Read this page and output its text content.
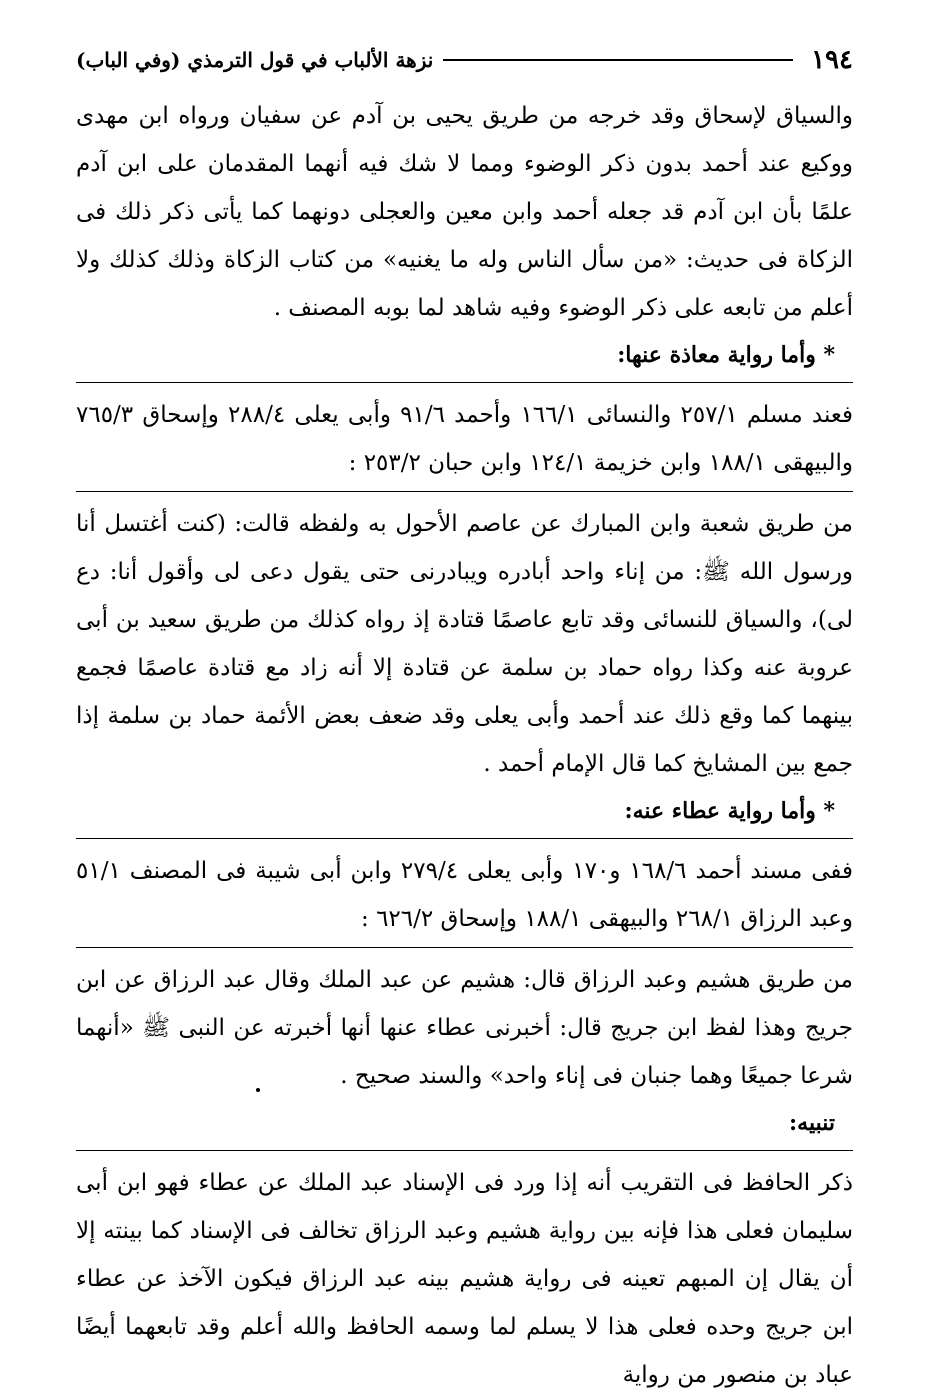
١٩٤
نزهة الألباب في قول الترمذي (وفي الباب)

والسياق لإسحاق وقد خرجه من طريق يحيى بن آدم عن سفيان ورواه ابن مهدى ووكيع عند أحمد بدون ذكر الوضوء ومما لا شك فيه أنهما المقدمان على ابن آدم علمًا بأن ابن آدم قد جعله أحمد وابن معين والعجلى دونهما كما يأتى ذكر ذلك فى الزكاة فى حديث: «من سأل الناس وله ما يغنيه» من كتاب الزكاة وذلك كذلك ولا أعلم من تابعه على ذكر الوضوء وفيه شاهد لما بوبه المصنف .

* وأما رواية معاذة عنها:

فعند مسلم ٢٥٧/١ والنسائى ١٦٦/١ وأحمد ٩١/٦ وأبى يعلى ٢٨٨/٤ وإسحاق ٧٦٥/٣ والبيهقى ١٨٨/١ وابن خزيمة ١٢٤/١ وابن حبان ٢٥٣/٢ :

من طريق شعبة وابن المبارك عن عاصم الأحول به ولفظه قالت: (كنت أغتسل أنا ورسول الله ﷺ: من إناء واحد أبادره ويبادرنى حتى يقول دعى لى وأقول أنا: دع لى)، والسياق للنسائى وقد تابع عاصمًا قتادة إذ رواه كذلك من طريق سعيد بن أبى عروبة عنه وكذا رواه حماد بن سلمة عن قتادة إلا أنه زاد مع قتادة عاصمًا فجمع بينهما كما وقع ذلك عند أحمد وأبى يعلى وقد ضعف بعض الأئمة حماد بن سلمة إذا جمع بين المشايخ كما قال الإمام أحمد .

* وأما رواية عطاء عنه:

ففى مسند أحمد ١٦٨/٦ و١٧٠ وأبى يعلى ٢٧٩/٤ وابن أبى شيبة فى المصنف ٥١/١ وعبد الرزاق ٢٦٨/١ والبيهقى ١٨٨/١ وإسحاق ٦٢٦/٢ :

من طريق هشيم وعبد الرزاق قال: هشيم عن عبد الملك وقال عبد الرزاق عن ابن جريج وهذا لفظ ابن جريج قال: أخبرنى عطاء عنها أنها أخبرته عن النبى ﷺ «أنهما شرعا جميعًا وهما جنبان فى إناء واحد» والسند صحيح .

تنبيه:

ذكر الحافظ فى التقريب أنه إذا ورد فى الإسناد عبد الملك عن عطاء فهو ابن أبى سليمان فعلى هذا فإنه بين رواية هشيم وعبد الرزاق تخالف فى الإسناد كما بينته إلا أن يقال إن المبهم تعينه فى رواية هشيم بينه عبد الرزاق فيكون الآخذ عن عطاء ابن جريج وحده فعلى هذا لا يسلم لما وسمه الحافظ والله أعلم وقد تابعهما أيضًا عباد بن منصور من رواية
